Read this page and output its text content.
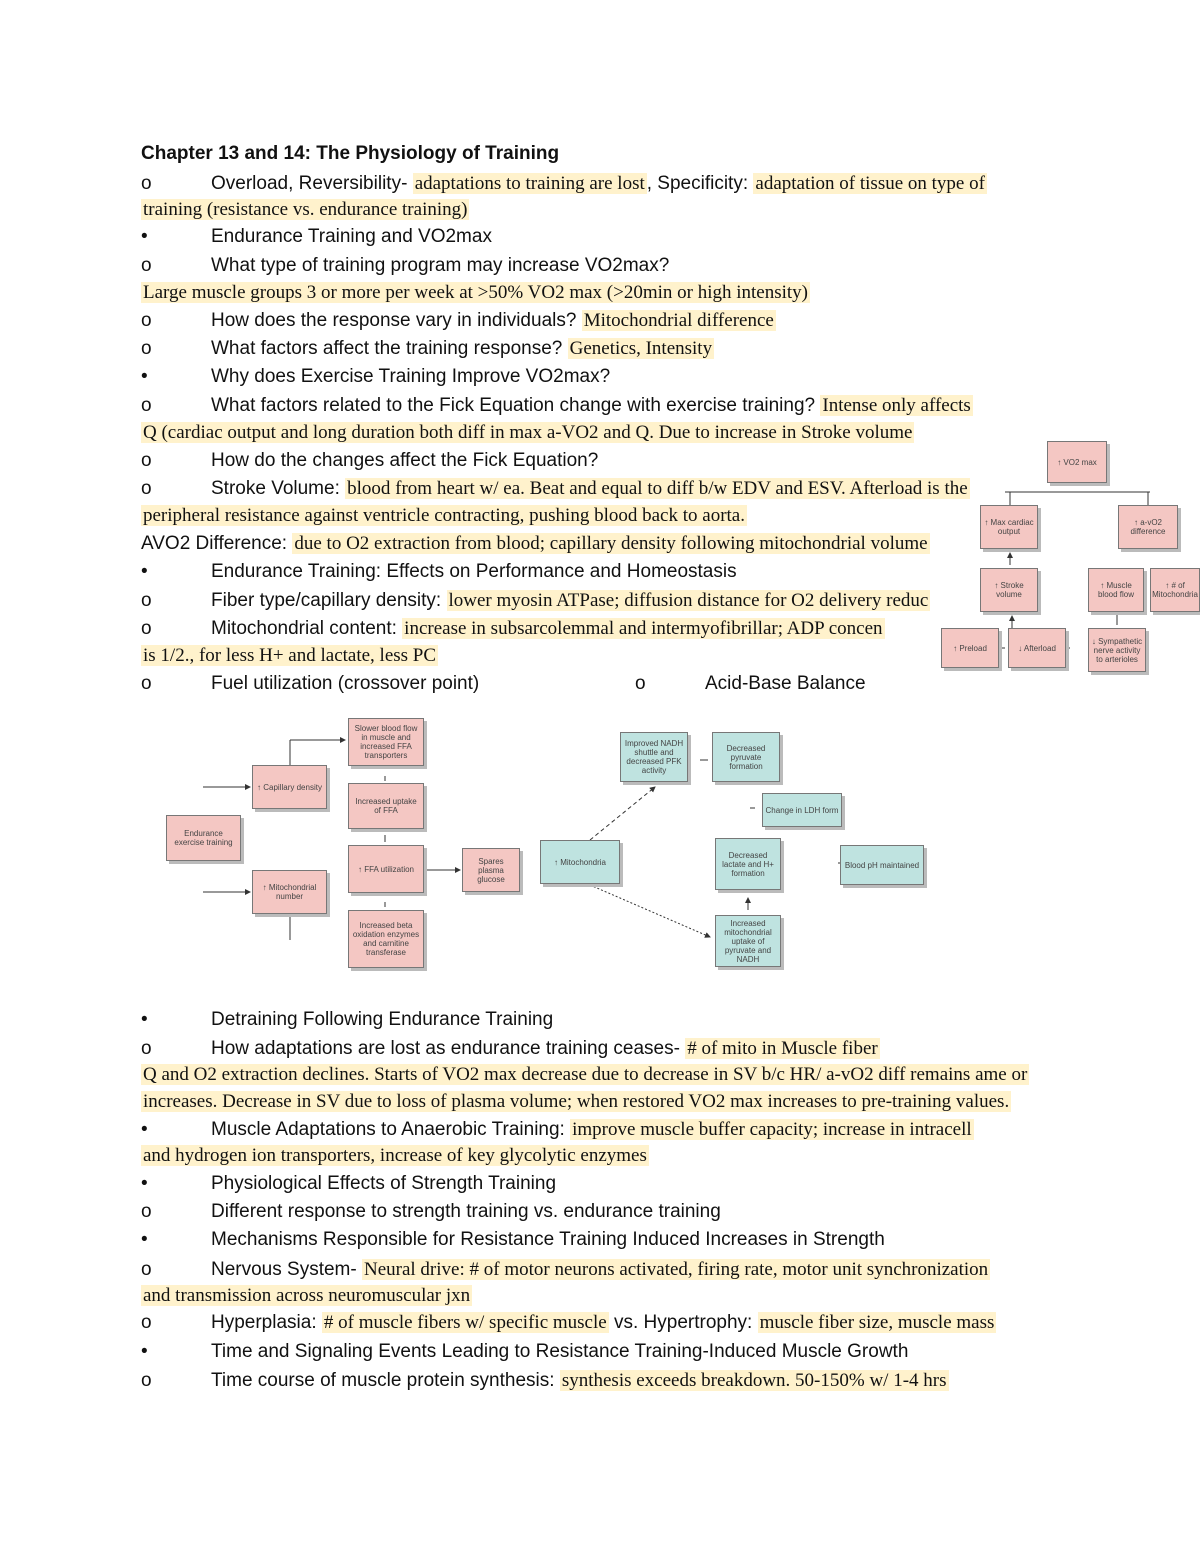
Chapter 13 and 14: The Physiology of Training
o	Overload, Reversibility- adaptations to training are lost , Specificity: adaptation of tissue on type of
training (resistance vs. endurance training)
•	Endurance Training and VO2max
o	What type of training program may increase VO2max?
Large muscle groups 3 or more per week at >50% VO2 max (>20min or high intensity)
o	How does the response vary in individuals? Mitochondrial difference
o	What factors affect the training response? Genetics, Intensity
•	Why does Exercise Training Improve VO2max?
o	What factors related to the Fick Equation change with exercise training? Intense only affects
Q (cardiac output and long duration both diff in max a-VO2 and Q. Due to increase in Stroke volume
o	How do the changes affect the Fick Equation?
o	Stroke Volume: blood from heart w/ ea. Beat and equal to diff b/w EDV and ESV. Afterload is the
peripheral resistance against ventricle contracting, pushing blood back to aorta.
AVO2 Difference: due to O2 extraction from blood; capillary density following mitochondrial volume
•	Endurance Training: Effects on Performance and Homeostasis
o	Fiber type/capillary density: lower myosin ATPase; diffusion distance for O2 delivery reduc
o	Mitochondrial content: increase in subsarcolemmal and intermyofibrillar; ADP concen
is 1/2., for less H+ and lactate, less PC
o	Fuel utilization (crossover point)	o	Acid-Base Balance
↑ VO2 max
↑ Max cardiac output
↑ a-vO2 difference
↑ Stroke volume
↑ Muscle blood flow
↑ # of Mitochondria
↑ Preload	↓ Afterload
↓ Sympathetic nerve activity to arterioles
Endurance exercise training
↑ Capillary density
↑ Mitochondrial number
Slower blood flow in muscle and increased FFA transporters
Increased uptake of FFA
↑ FFA utilization
Spares plasma glucose
Increased beta oxidation enzymes and carnitine transferase
↑ Mitochondria
Improved NADH shuttle and decreased PFK activity
Decreased pyruvate formation
Change in LDH form
Decreased lactate and H+ formation
Blood pH maintained
Increased mitochondrial uptake of pyruvate and NADH
•	Detraining Following Endurance Training
o	How adaptations are lost as endurance training ceases- # of mito in Muscle fiber
Q and O2 extraction declines. Starts of VO2 max decrease due to decrease in SV b/c HR/ a-vO2 diff remains ame or
increases. Decrease in SV due to loss of plasma volume; when restored VO2 max increases to pre-training values.
•	Muscle Adaptations to Anaerobic Training: improve muscle buffer capacity; increase in intracell
and hydrogen ion transporters, increase of key glycolytic enzymes
•	Physiological Effects of Strength Training
o	Different response to strength training vs. endurance training
•	Mechanisms Responsible for Resistance Training Induced Increases in Strength
o	Nervous System- Neural drive: # of motor neurons activated, firing rate, motor unit synchronization
and transmission across neuromuscular jxn
o	Hyperplasia: # of muscle fibers w/ specific muscle vs. Hypertrophy: muscle fiber size, muscle mass
•	Time and Signaling Events Leading to Resistance Training-Induced Muscle Growth
o	Time course of muscle protein synthesis: synthesis exceeds breakdown. 50-150% w/ 1-4 hrs
